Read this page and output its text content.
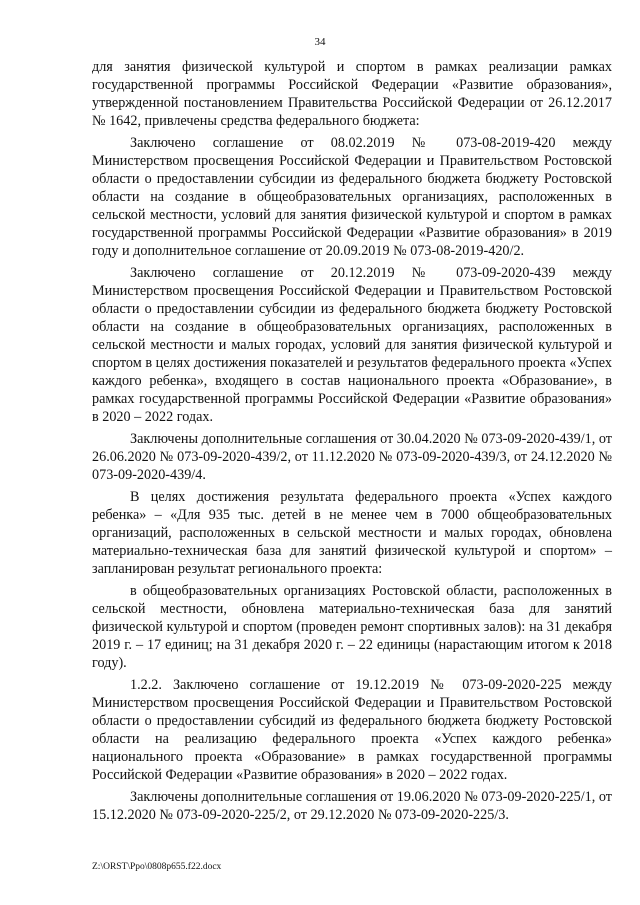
34

для занятия физической культурой и спортом в рамках реализации рамках государственной программы Российской Федерации «Развитие образования», утвержденной постановлением Правительства Российской Федерации от 26.12.2017 № 1642, привлечены средства федерального бюджета:

Заключено соглашение от 08.02.2019 № 073-08-2019-420 между Министерством просвещения Российской Федерации и Правительством Ростовской области о предоставлении субсидии из федерального бюджета бюджету Ростовской области на создание в общеобразовательных организациях, расположенных в сельской местности, условий для занятия физической культурой и спортом в рамках государственной программы Российской Федерации «Развитие образования» в 2019 году и дополнительное соглашение от 20.09.2019 № 073-08-2019-420/2.

Заключено соглашение от 20.12.2019 № 073-09-2020-439 между Министерством просвещения Российской Федерации и Правительством Ростовской области о предоставлении субсидии из федерального бюджета бюджету Ростовской области на создание в общеобразовательных организациях, расположенных в сельской местности и малых городах, условий для занятия физической культурой и спортом в целях достижения показателей и результатов федерального проекта «Успех каждого ребенка», входящего в состав национального проекта «Образование», в рамках государственной программы Российской Федерации «Развитие образования» в 2020 – 2022 годах.

Заключены дополнительные соглашения от 30.04.2020 № 073-09-2020-439/1, от 26.06.2020 № 073-09-2020-439/2, от 11.12.2020 № 073-09-2020-439/3, от 24.12.2020 № 073-09-2020-439/4.

В целях достижения результата федерального проекта «Успех каждого ребенка» – «Для 935 тыс. детей в не менее чем в 7000 общеобразовательных организаций, расположенных в сельской местности и малых городах, обновлена материально-техническая база для занятий физической культурой и спортом» – запланирован результат регионального проекта:

в общеобразовательных организациях Ростовской области, расположенных в сельской местности, обновлена материально-техническая база для занятий физической культурой и спортом (проведен ремонт спортивных залов): на 31 декабря 2019 г. – 17 единиц; на 31 декабря 2020 г. – 22 единицы (нарастающим итогом к 2018 году).

1.2.2. Заключено соглашение от 19.12.2019 № 073-09-2020-225 между Министерством просвещения Российской Федерации и Правительством Ростовской области о предоставлении субсидий из федерального бюджета бюджету Ростовской области на реализацию федерального проекта «Успех каждого ребенка» национального проекта «Образование» в рамках государственной программы Российской Федерации «Развитие образования» в 2020 – 2022 годах.

Заключены дополнительные соглашения от 19.06.2020 № 073-09-2020-225/1, от 15.12.2020 № 073-09-2020-225/2, от 29.12.2020 № 073-09-2020-225/3.

Z:\ORST\Ppo\0808p655.f22.docx
